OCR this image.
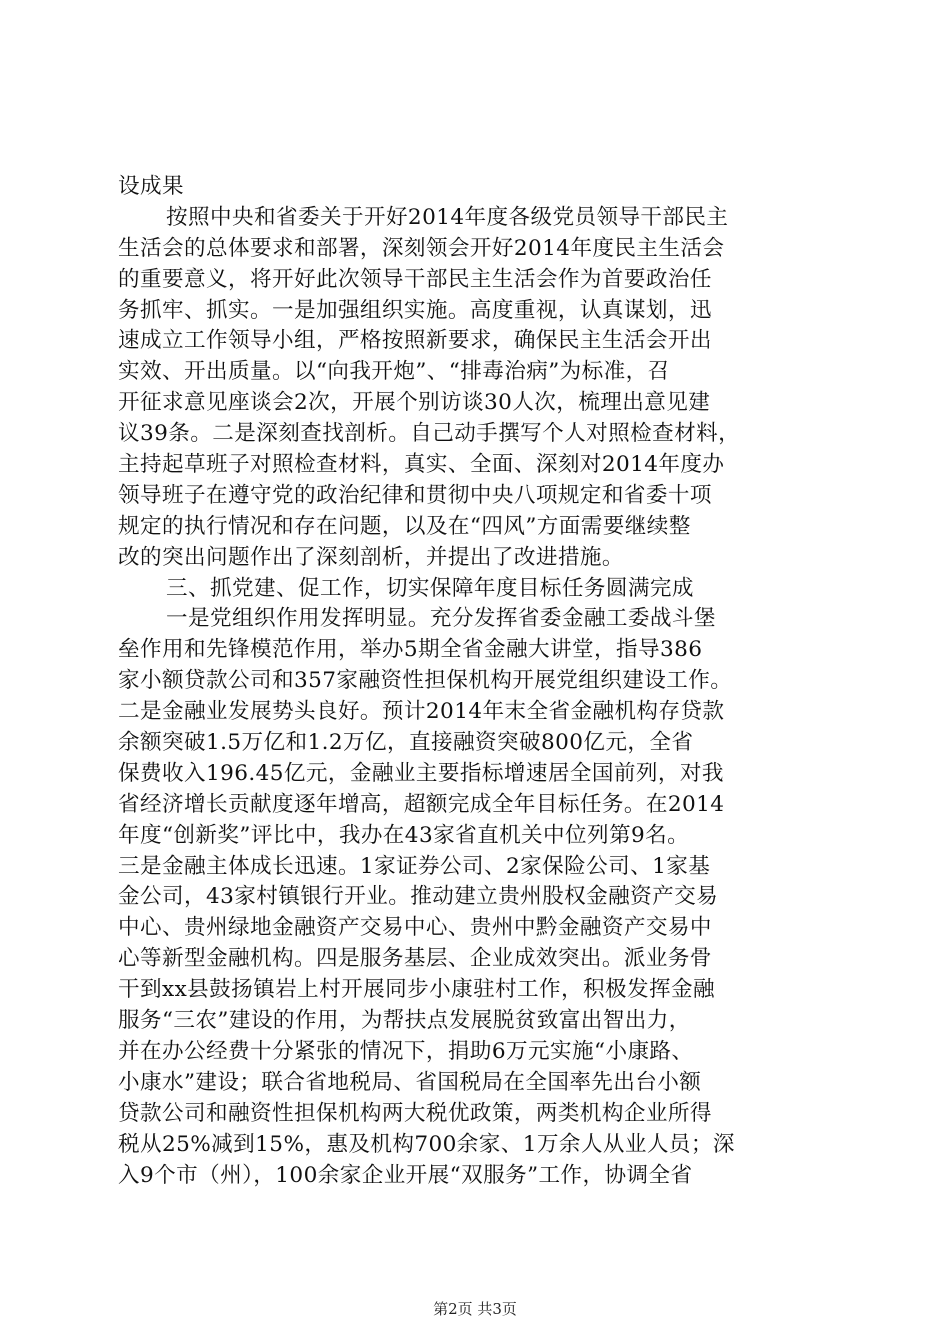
设成果
按照中央和省委关于开好2014年度各级党员领导干部民主
生活会的总体要求和部署，深刻领会开好2014年度民主生活会
的重要意义，将开好此次领导干部民主生活会作为首要政治任
务抓牢、抓实。一是加强组织实施。高度重视，认真谋划，迅
速成立工作领导小组，严格按照新要求，确保民主生活会开出
实效、开出质量。以“向我开炮”、“排毒治病”为标准，召
开征求意见座谈会2次，开展个别访谈30人次，梳理出意见建
议39条。二是深刻查找剖析。自己动手撰写个人对照检查材料，
主持起草班子对照检查材料，真实、全面、深刻对2014年度办
领导班子在遵守党的政治纪律和贯彻中央八项规定和省委十项
规定的执行情况和存在问题，以及在“四风”方面需要继续整
改的突出问题作出了深刻剖析，并提出了改进措施。
三、抓党建、促工作，切实保障年度目标任务圆满完成
一是党组织作用发挥明显。充分发挥省委金融工委战斗堡
垒作用和先锋模范作用，举办5期全省金融大讲堂，指导386
家小额贷款公司和357家融资性担保机构开展党组织建设工作。
二是金融业发展势头良好。预计2014年末全省金融机构存贷款
余额突破1.5万亿和1.2万亿，直接融资突破800亿元，全省
保费收入196.45亿元，金融业主要指标增速居全国前列，对我
省经济增长贡献度逐年增高，超额完成全年目标任务。在2014
年度“创新奖”评比中，我办在43家省直机关中位列第9名。
三是金融主体成长迅速。1家证券公司、2家保险公司、1家基
金公司，43家村镇银行开业。推动建立贵州股权金融资产交易
中心、贵州绿地金融资产交易中心、贵州中黔金融资产交易中
心等新型金融机构。四是服务基层、企业成效突出。派业务骨
干到xx县鼓扬镇岩上村开展同步小康驻村工作，积极发挥金融
服务“三农”建设的作用，为帮扶点发展脱贫致富出智出力，
并在办公经费十分紧张的情况下，捐助6万元实施“小康路、
小康水”建设；联合省地税局、省国税局在全国率先出台小额
贷款公司和融资性担保机构两大税优政策，两类机构企业所得
税从25%减到15%，惠及机构700余家、1万余人从业人员；深
入9个市（州），100余家企业开展“双服务”工作，协调全省
第2页 共3页
